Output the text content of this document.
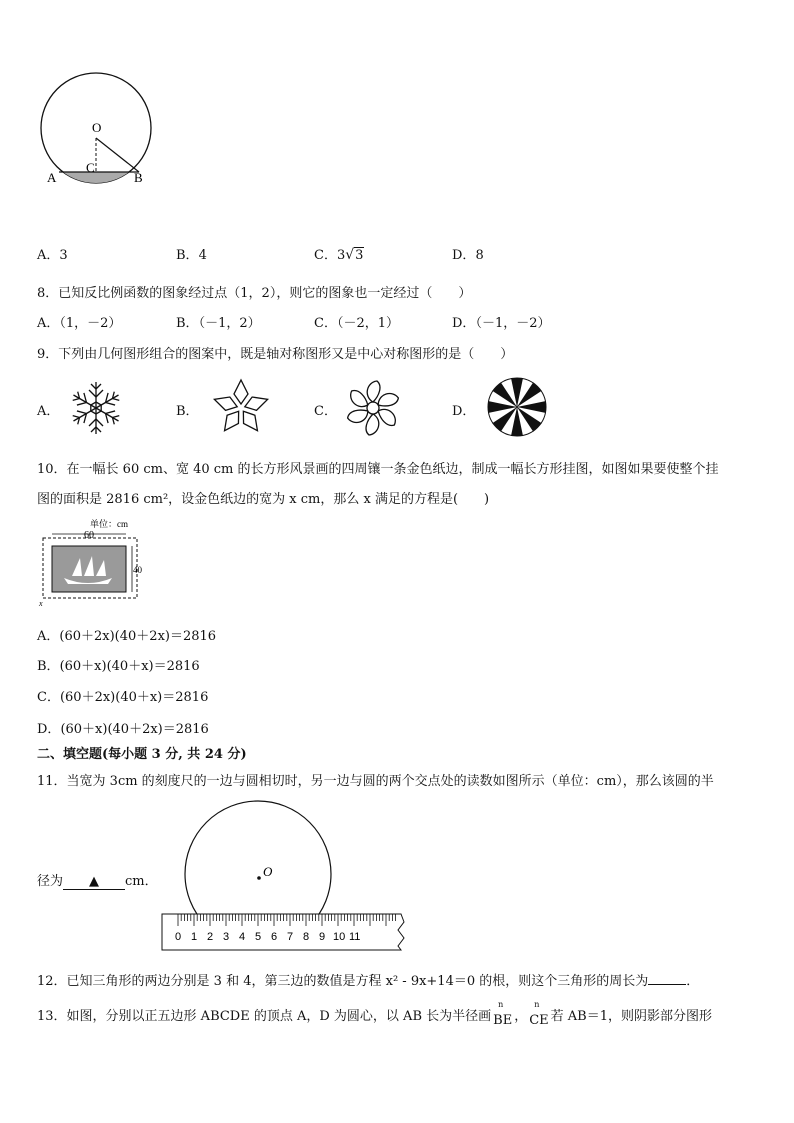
O
C
A	B
A．3	B．4	C．3√3	D．8
8．已知反比例函数的图象经过点（1，2），则它的图象也一定经过（　　）
A．（1，－2）	B．（－1，2）	C．（－2，1）	D．（－1，－2）
9．下列由几何图形组合的图案中，既是轴对称图形又是中心对称图形的是（　　）
A．	B．	C．	D．
10．在一幅长 60 cm、宽 40 cm 的长方形风景画的四周镶一条金色纸边，制成一幅长方形挂图，如图如果要使整个挂
图的面积是 2816 cm²，设金色纸边的宽为 x cm，那么 x 满足的方程是(　　)
单位：cm
60
40
x
A．(60＋2x)(40＋2x)＝2816
B．(60＋x)(40＋x)＝2816
C．(60＋2x)(40＋x)＝2816
D．(60＋x)(40＋2x)＝2816
二、填空题(每小题 3 分, 共 24 分)
11．当宽为 3cm 的刻度尺的一边与圆相切时，另一边与圆的两个交点处的读数如图所示（单位：cm），那么该圆的半
径为 ▲ cm．
O
0 1 2 3 4 5 6 7 8 9 10 11
12．已知三角形的两边分别是 3 和 4，第三边的数值是方程 x² - 9x+14＝0 的根，则这个三角形的周长为	．
13．如图，分别以正五边形 ABCDE 的顶点 A，D 为圆心，以 AB 长为半径画
n
BE ，
n
CE 若 AB＝1，则阴影部分图形
